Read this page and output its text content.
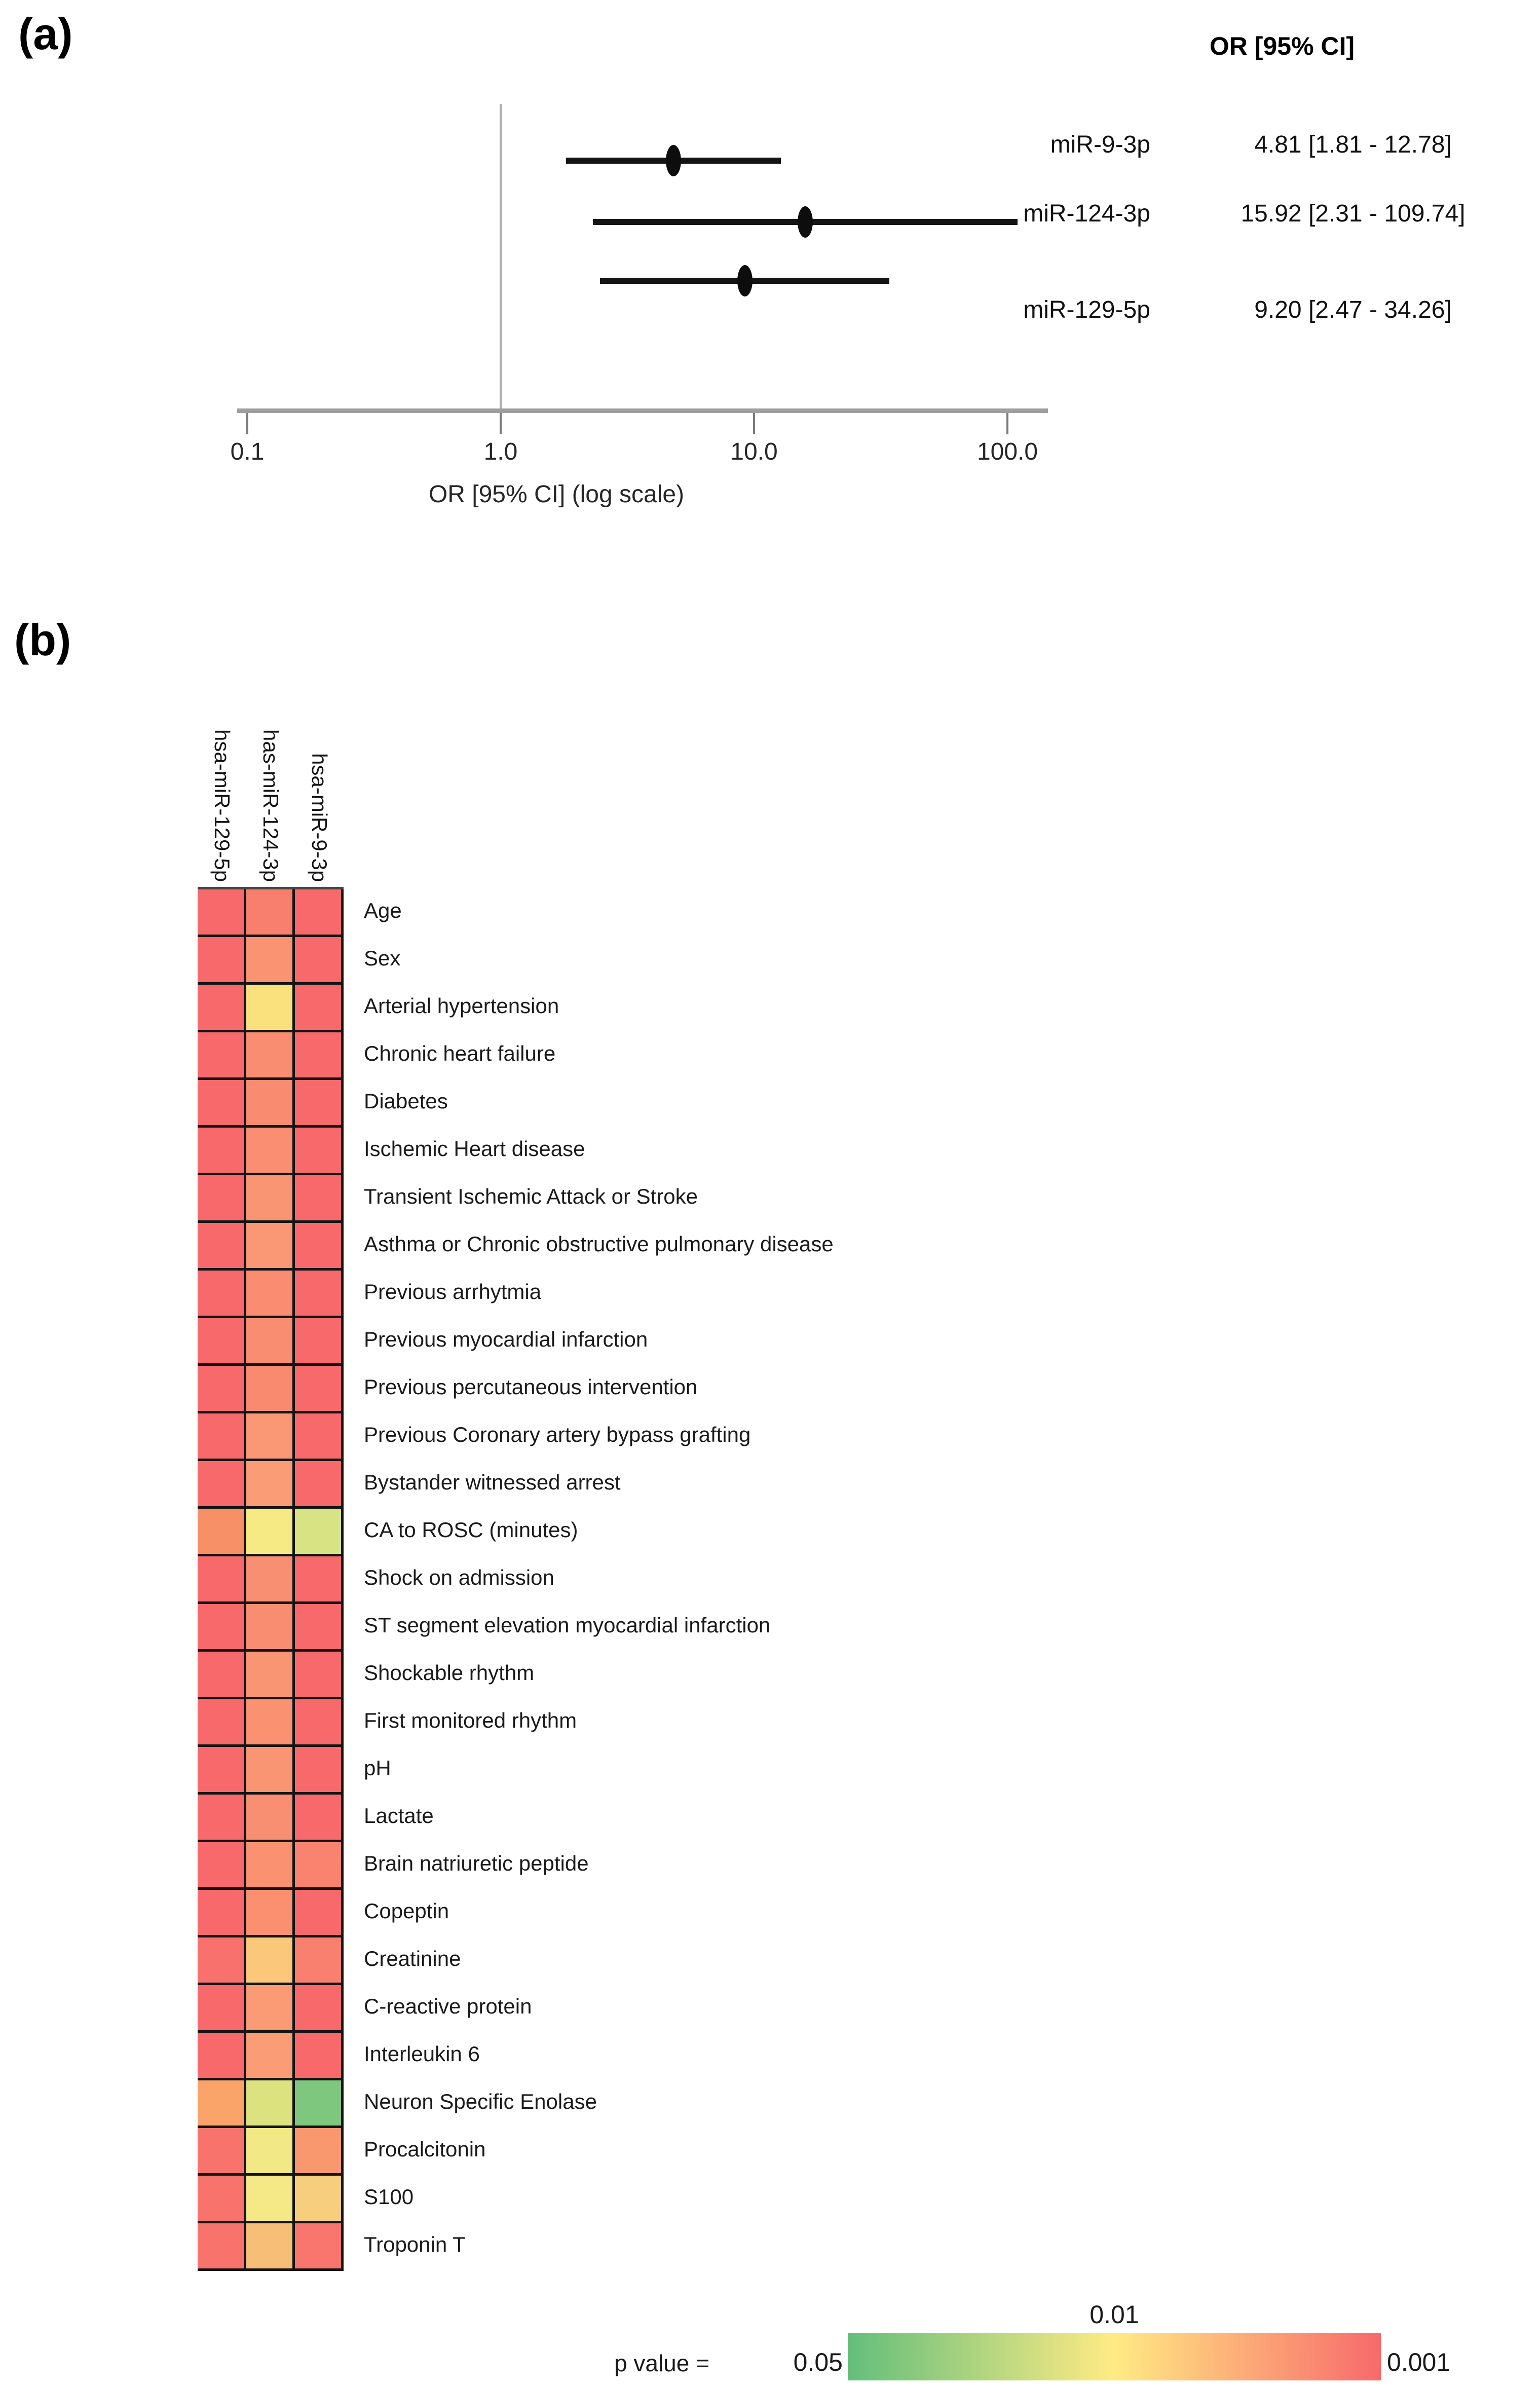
(a)
0.1	1.0	10.0	100.0
OR [95% CI] (log scale)
OR [95% CI]
miR-9-3p	4.81 [1.81 - 12.78]
miR-124-3p	15.92 [2.31 - 109.74]
miR-129-5p	9.20 [2.47 - 34.26]
(b)
hsa-miR-129-5p has-miR-124-3p hsa-miR-9-3p
Age
Sex
Arterial hypertension
Chronic heart failure
Diabetes
Ischemic Heart disease
Transient Ischemic Attack or Stroke
Asthma or Chronic obstructive pulmonary disease
Previous arrhytmia
Previous myocardial infarction
Previous percutaneous intervention
Previous Coronary artery bypass grafting
Bystander witnessed arrest
CA to ROSC (minutes)
Shock on admission
ST segment elevation myocardial infarction
Shockable rhythm
First monitored rhythm
pH
Lactate
Brain natriuretic peptide
Copeptin
Creatinine
C-reactive protein
Interleukin 6
Neuron Specific Enolase
Procalcitonin
S100
Troponin T
p value =	0.05
0.01
0.001
